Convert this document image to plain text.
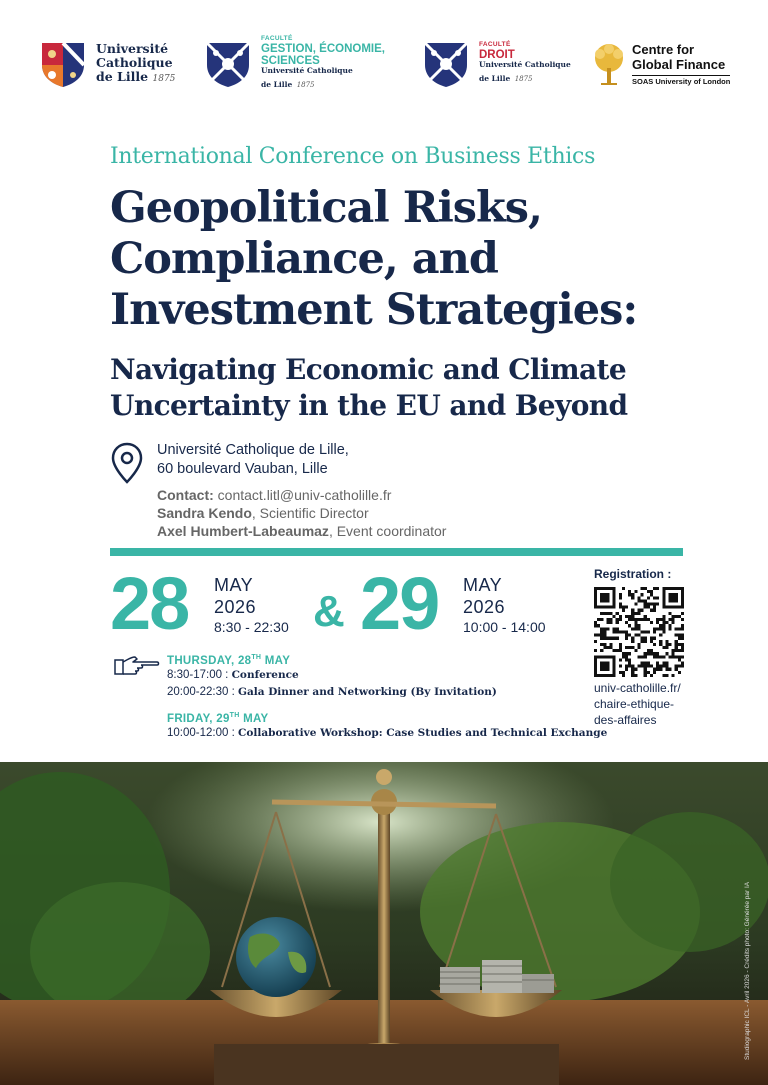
Université
Catholique
de Lille 1875
FACULTÉ
GESTION, ÉCONOMIE,
SCIENCES
Université Catholique
de Lille 1875
FACULTÉ
DROIT
Université Catholique
de Lille 1875
Centre for
Global Finance
SOAS University of London
International Conference on Business Ethics
Geopolitical Risks,
Compliance, and
Investment Strategies:
Navigating Economic and Climate
Uncertainty in the EU and Beyond
Université Catholique de Lille,
60 boulevard Vauban, Lille
Contact: contact.litl@univ-catholille.fr
Sandra Kendo, Scientific Director
Axel Humbert-Labeaumaz, Event coordinator
28 MAY
2026
8:30 - 22:30 & 29 MAY
2026
10:00 - 14:00
Registration :
univ-catholille.fr/
chaire-ethique-
des-affaires
THURSDAY, 28TH MAY
8:30-17:00 : Conference
20:00-22:30 : Gala Dinner and Networking (By Invitation)
FRIDAY, 29TH MAY
10:00-12:00 : Collaborative Workshop: Case Studies and Technical Exchange
Studiographic ICL - Avril 2026 - Crédits photo: Générée par IA
